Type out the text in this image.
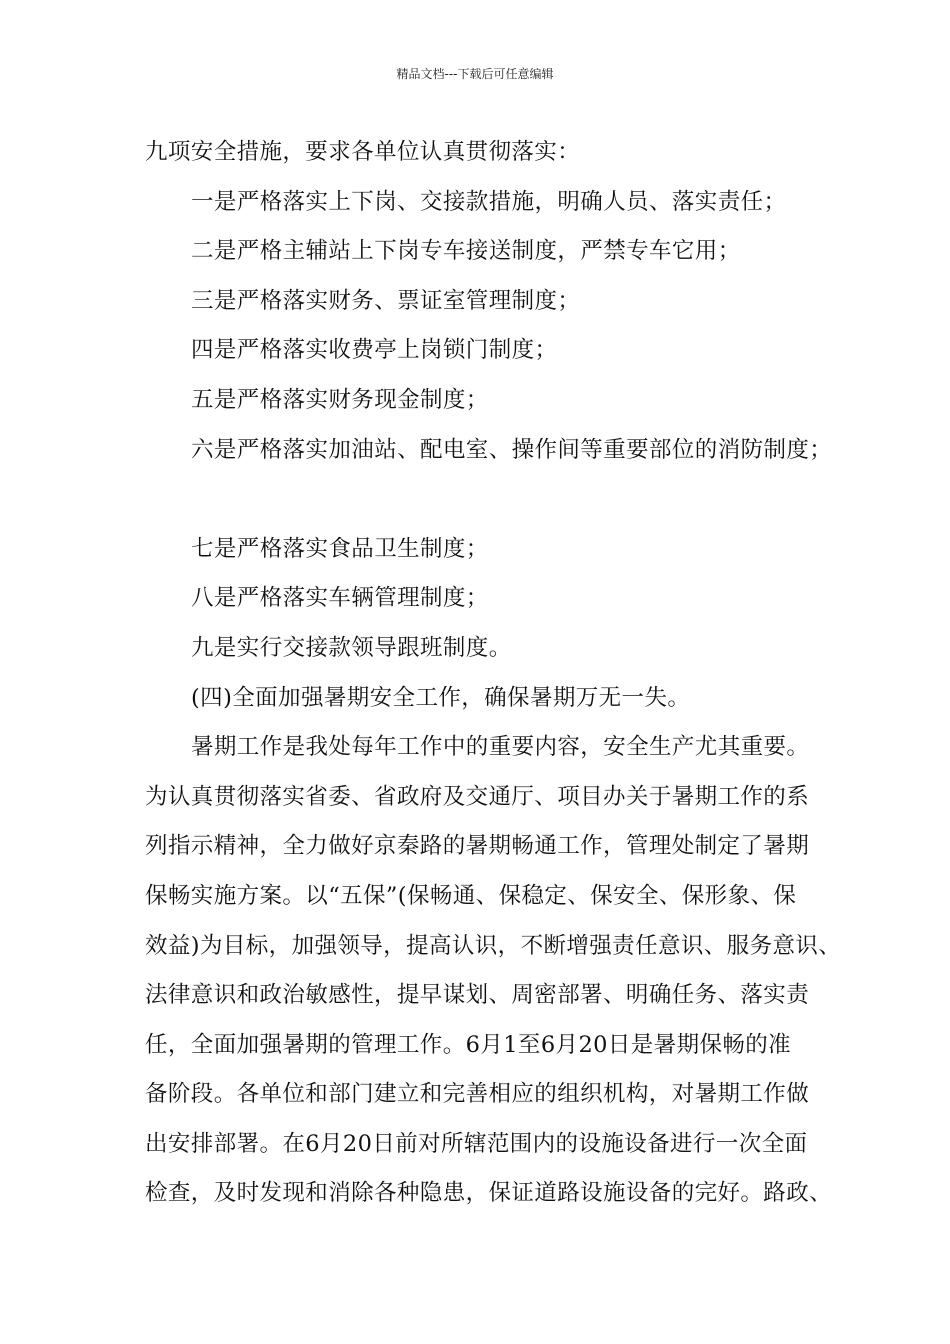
精品文档---下载后可任意编辑
九项安全措施，要求各单位认真贯彻落实：
一是严格落实上下岗、交接款措施，明确人员、落实责任；
二是严格主辅站上下岗专车接送制度，严禁专车它用；
三是严格落实财务、票证室管理制度；
四是严格落实收费亭上岗锁门制度；
五是严格落实财务现金制度；
六是严格落实加油站、配电室、操作间等重要部位的消防制度；
七是严格落实食品卫生制度；
八是严格落实车辆管理制度；
九是实行交接款领导跟班制度。
(四)全面加强暑期安全工作，确保暑期万无一失。
暑期工作是我处每年工作中的重要内容，安全生产尤其重要。
为认真贯彻落实省委、省政府及交通厅、项目办关于暑期工作的系
列指示精神，全力做好京秦路的暑期畅通工作，管理处制定了暑期
保畅实施方案。以“五保”(保畅通、保稳定、保安全、保形象、保
效益)为目标，加强领导，提高认识，不断增强责任意识、服务意识、
法律意识和政治敏感性，提早谋划、周密部署、明确任务、落实责
任，全面加强暑期的管理工作。6月1至6月20日是暑期保畅的准
备阶段。各单位和部门建立和完善相应的组织机构，对暑期工作做
出安排部署。在6月20日前对所辖范围内的设施设备进行一次全面
检查，及时发现和消除各种隐患，保证道路设施设备的完好。路政、
